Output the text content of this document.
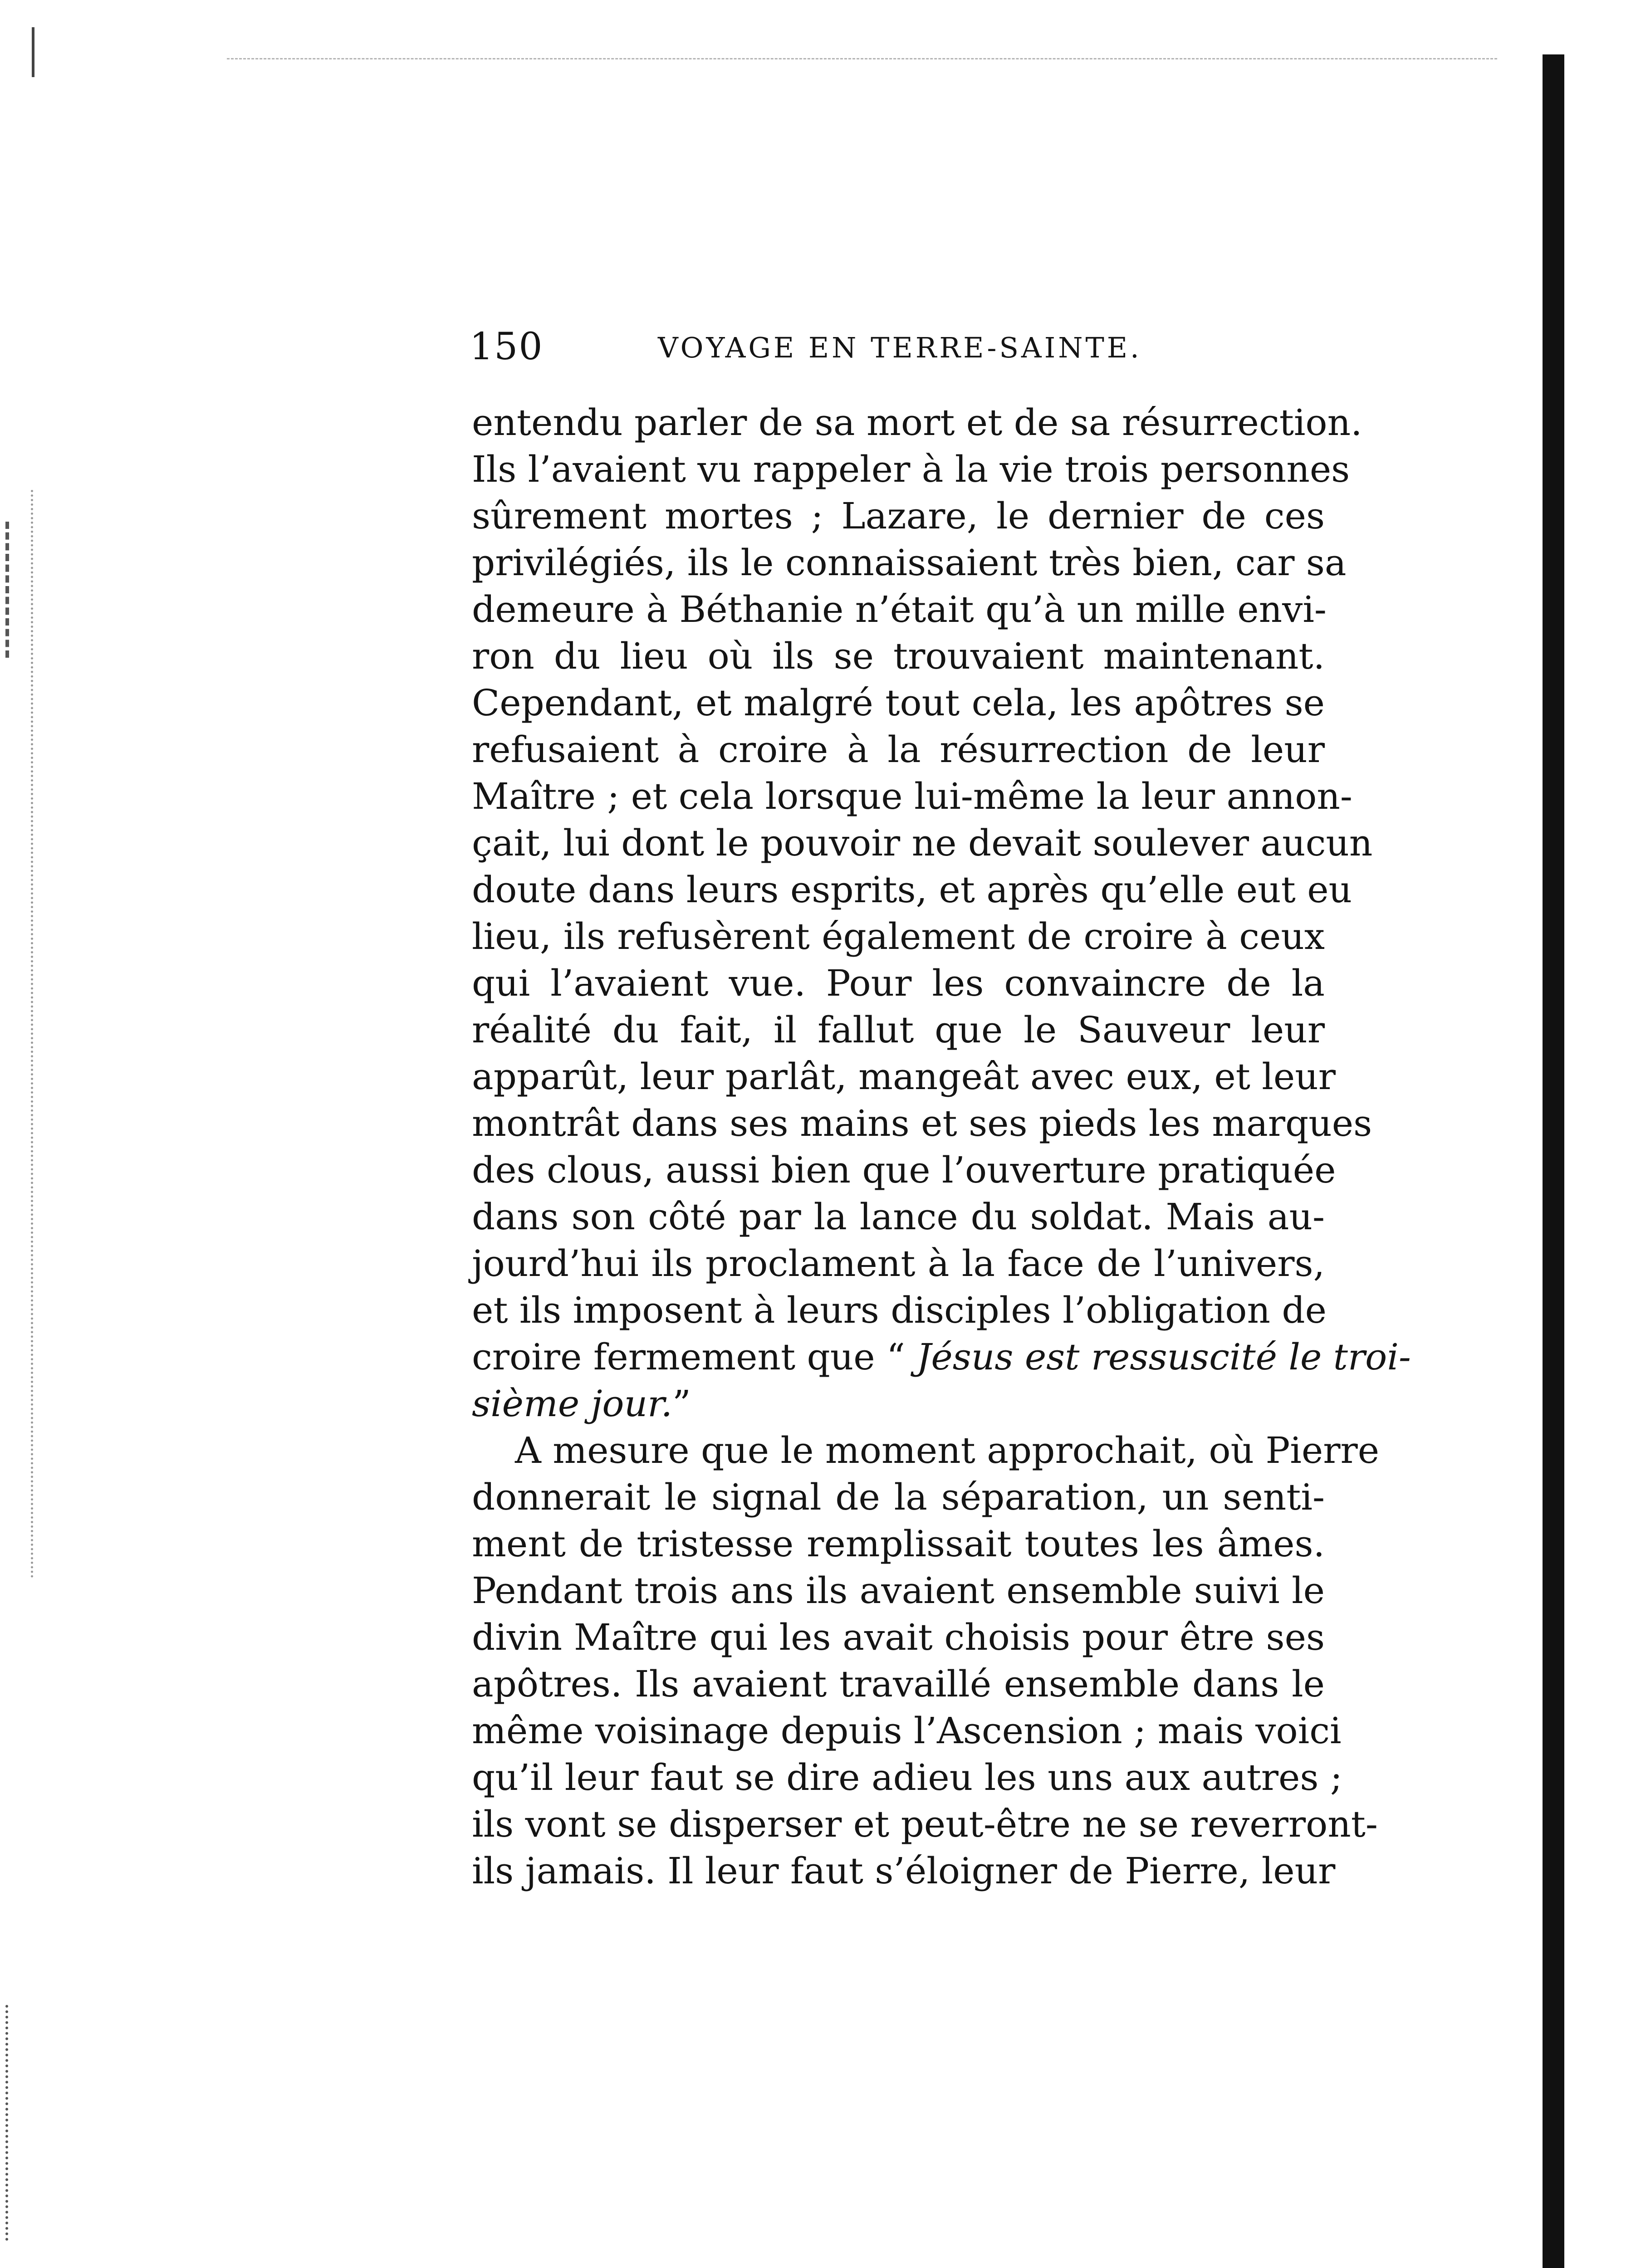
150	VOYAGE EN TERRE-SAINTE.
entendu parler de sa mort et de sa résurrection.
Ils l’avaient vu rappeler à la vie trois personnes
sûrement mortes ; Lazare, le dernier de ces
privilégiés, ils le connaissaient très bien, car sa
demeure à Béthanie n’était qu’à un mille envi-
ron du lieu où ils se trouvaient maintenant.
Cependant, et malgré tout cela, les apôtres se
refusaient à croire à la résurrection de leur
Maître ; et cela lorsque lui-même la leur annon-
çait, lui dont le pouvoir ne devait soulever aucun
doute dans leurs esprits, et après qu’elle eut eu
lieu, ils refusèrent également de croire à ceux
qui l’avaient vue. Pour les convaincre de la
réalité du fait, il fallut que le Sauveur leur
apparût, leur parlât, mangeât avec eux, et leur
montrât dans ses mains et ses pieds les marques
des clous, aussi bien que l’ouverture pratiquée
dans son côté par la lance du soldat. Mais au-
jourd’hui ils proclament à la face de l’univers,
et ils imposent à leurs disciples l’obligation de
croire fermement que “ Jésus est ressuscité le troi-
sième jour.”
A mesure que le moment approchait, où Pierre
donnerait le signal de la séparation, un senti-
ment de tristesse remplissait toutes les âmes.
Pendant trois ans ils avaient ensemble suivi le
divin Maître qui les avait choisis pour être ses
apôtres. Ils avaient travaillé ensemble dans le
même voisinage depuis l’Ascension ; mais voici
qu’il leur faut se dire adieu les uns aux autres ;
ils vont se disperser et peut-être ne se reverront-
ils jamais. Il leur faut s’éloigner de Pierre, leur
